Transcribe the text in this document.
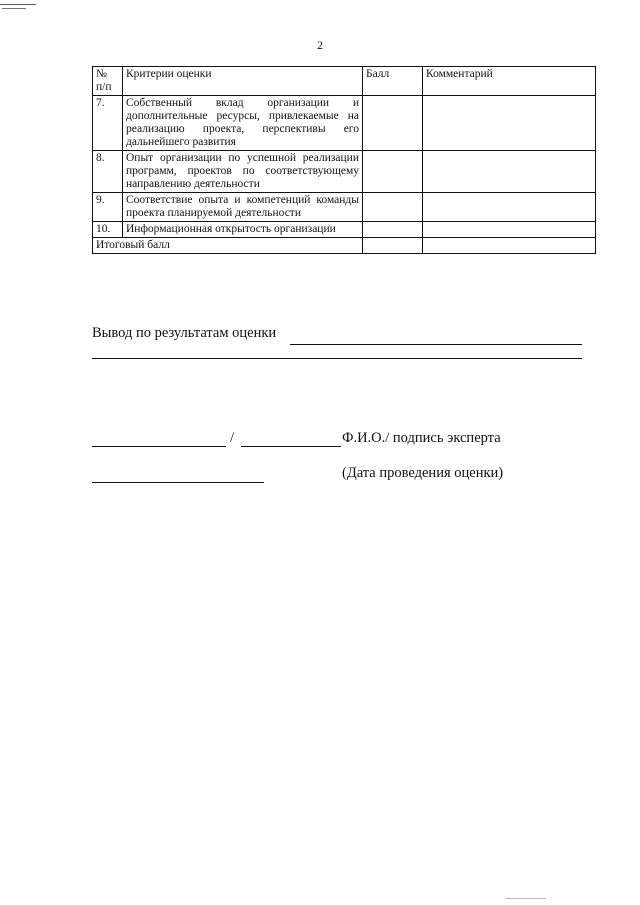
2
№ п/п	Критерии оценки	Балл	Комментарий
7.	Собственный вклад организации и дополнительные ресурсы, привлекаемые на реализацию проекта, перспективы его дальнейшего развития		

8.	Опыт организации по успешной реализации программ, проектов по соответствующему направлению деятельности		

9.	Соответствие опыта и компетенций команды проекта планируемой деятельности		

10.	Информационная открытость организации		

Итоговый балл			
Вывод по результатам оценки
/	Ф.И.О./ подпись эксперта
(Дата проведения оценки)
